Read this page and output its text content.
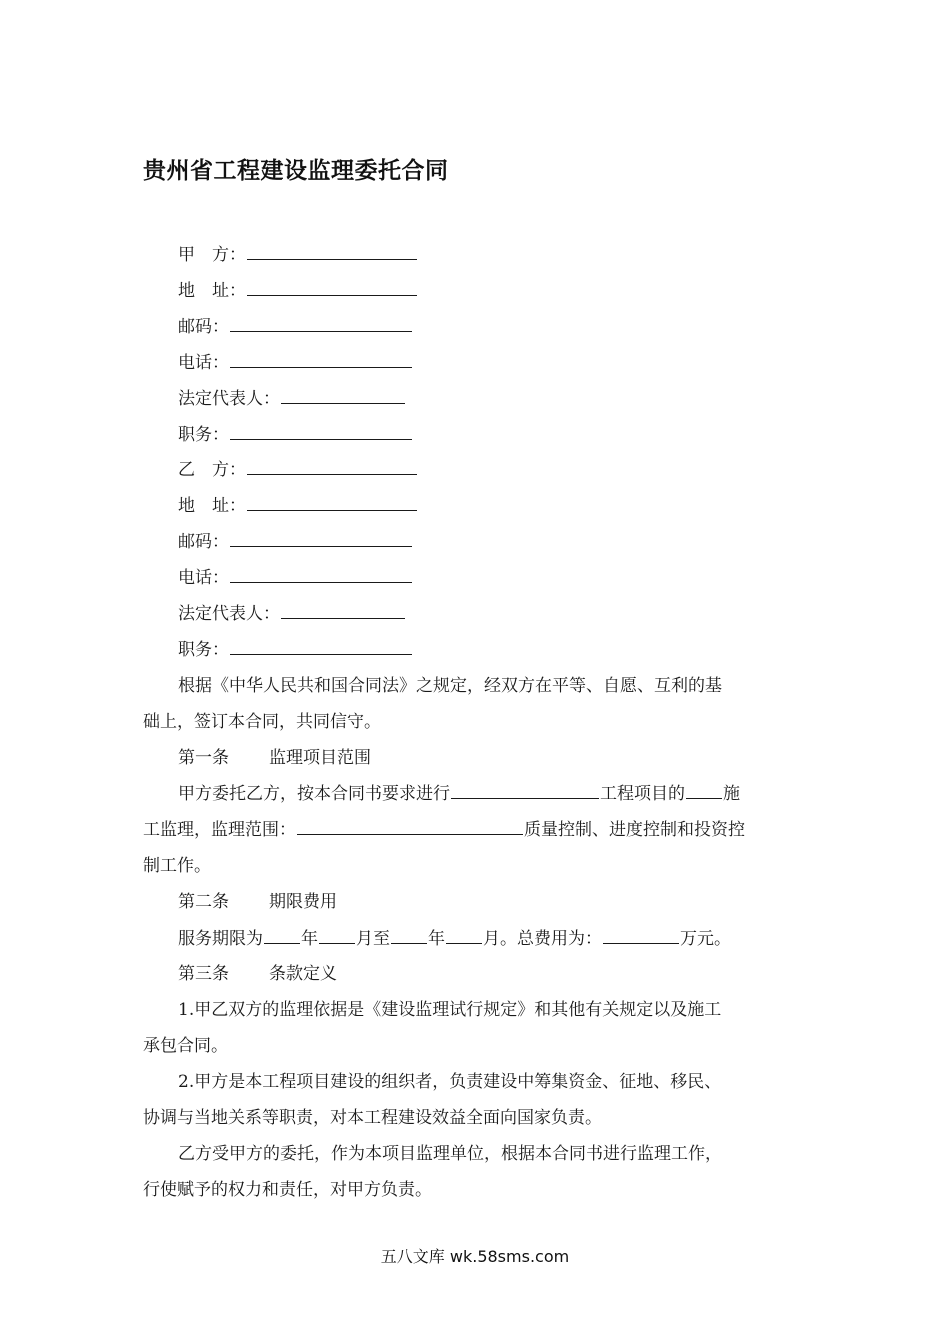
贵州省工程建设监理委托合同
甲　方：
地　址：
邮码：
电话：
法定代表人：
职务：
乙　方：
地　址：
邮码：
电话：
法定代表人：
职务：
根据《中华人民共和国合同法》之规定，经双方在平等、自愿、互利的基
础上，签订本合同，共同信守。
第一条 监理项目范围
甲方委托乙方，按本合同书要求进行	工程项目的 施
工监理，监理范围：	质量控制、进度控制和投资控
制工作。
第二条 期限费用
服务期限为 年 月至 年 月。总费用为：	万元。
第三条 条款定义
1.甲乙双方的监理依据是《建设监理试行规定》和其他有关规定以及施工
承包合同。
2.甲方是本工程项目建设的组织者，负责建设中筹集资金、征地、移民、
协调与当地关系等职责，对本工程建设效益全面向国家负责。
乙方受甲方的委托，作为本项目监理单位，根据本合同书进行监理工作，
行使赋予的权力和责任，对甲方负责。
五八文库 wk.58sms.com
